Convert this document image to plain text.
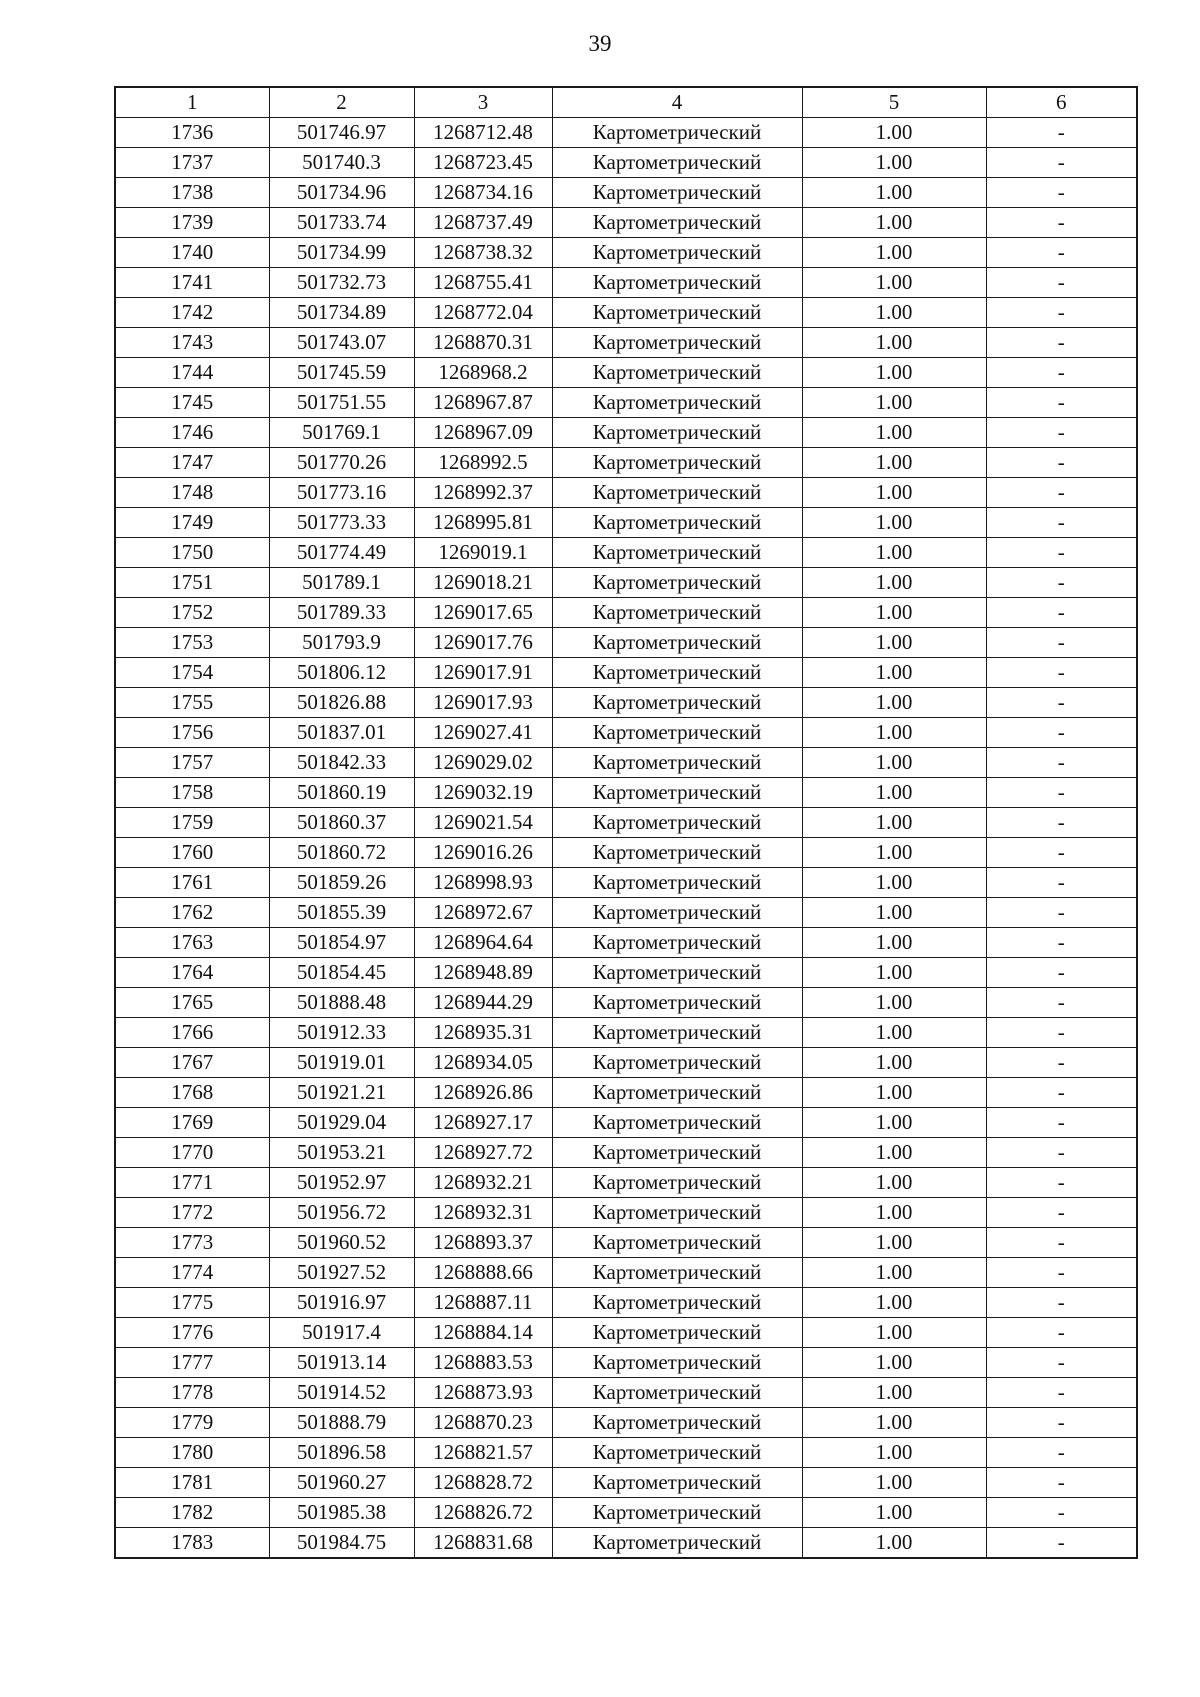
39
1	2	3	4	5	6
1736	501746.97	1268712.48	Картометрический	1.00	-
1737	501740.3	1268723.45	Картометрический	1.00	-
1738	501734.96	1268734.16	Картометрический	1.00	-
1739	501733.74	1268737.49	Картометрический	1.00	-
1740	501734.99	1268738.32	Картометрический	1.00	-
1741	501732.73	1268755.41	Картометрический	1.00	-
1742	501734.89	1268772.04	Картометрический	1.00	-
1743	501743.07	1268870.31	Картометрический	1.00	-
1744	501745.59	1268968.2	Картометрический	1.00	-
1745	501751.55	1268967.87	Картометрический	1.00	-
1746	501769.1	1268967.09	Картометрический	1.00	-
1747	501770.26	1268992.5	Картометрический	1.00	-
1748	501773.16	1268992.37	Картометрический	1.00	-
1749	501773.33	1268995.81	Картометрический	1.00	-
1750	501774.49	1269019.1	Картометрический	1.00	-
1751	501789.1	1269018.21	Картометрический	1.00	-
1752	501789.33	1269017.65	Картометрический	1.00	-
1753	501793.9	1269017.76	Картометрический	1.00	-
1754	501806.12	1269017.91	Картометрический	1.00	-
1755	501826.88	1269017.93	Картометрический	1.00	-
1756	501837.01	1269027.41	Картометрический	1.00	-
1757	501842.33	1269029.02	Картометрический	1.00	-
1758	501860.19	1269032.19	Картометрический	1.00	-
1759	501860.37	1269021.54	Картометрический	1.00	-
1760	501860.72	1269016.26	Картометрический	1.00	-
1761	501859.26	1268998.93	Картометрический	1.00	-
1762	501855.39	1268972.67	Картометрический	1.00	-
1763	501854.97	1268964.64	Картометрический	1.00	-
1764	501854.45	1268948.89	Картометрический	1.00	-
1765	501888.48	1268944.29	Картометрический	1.00	-
1766	501912.33	1268935.31	Картометрический	1.00	-
1767	501919.01	1268934.05	Картометрический	1.00	-
1768	501921.21	1268926.86	Картометрический	1.00	-
1769	501929.04	1268927.17	Картометрический	1.00	-
1770	501953.21	1268927.72	Картометрический	1.00	-
1771	501952.97	1268932.21	Картометрический	1.00	-
1772	501956.72	1268932.31	Картометрический	1.00	-
1773	501960.52	1268893.37	Картометрический	1.00	-
1774	501927.52	1268888.66	Картометрический	1.00	-
1775	501916.97	1268887.11	Картометрический	1.00	-
1776	501917.4	1268884.14	Картометрический	1.00	-
1777	501913.14	1268883.53	Картометрический	1.00	-
1778	501914.52	1268873.93	Картометрический	1.00	-
1779	501888.79	1268870.23	Картометрический	1.00	-
1780	501896.58	1268821.57	Картометрический	1.00	-
1781	501960.27	1268828.72	Картометрический	1.00	-
1782	501985.38	1268826.72	Картометрический	1.00	-
1783	501984.75	1268831.68	Картометрический	1.00	-
